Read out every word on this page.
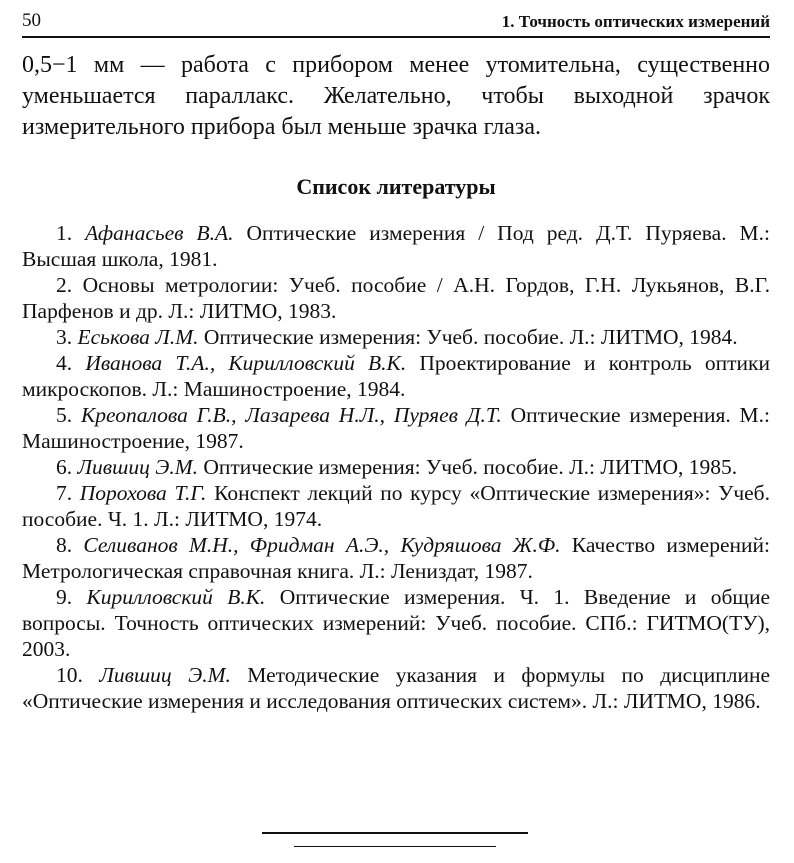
50	1. Точность оптических измерений

0,5−1 мм — работа с прибором менее утомительна, существенно уменьшается параллакс. Желательно, чтобы выходной зрачок измерительного прибора был меньше зрачка глаза.

Список литературы
1. Афанасьев В.А. Оптические измерения / Под ред. Д.Т. Пуряева. М.: Высшая школа, 1981.
2. Основы метрологии: Учеб. пособие / А.Н. Гордов, Г.Н. Лукьянов, В.Г. Парфенов и др. Л.: ЛИТМО, 1983.
3. Еськова Л.М. Оптические измерения: Учеб. пособие. Л.: ЛИТМО, 1984.
4. Иванова Т.А., Кирилловский В.К. Проектирование и контроль оптики микроскопов. Л.: Машиностроение, 1984.
5. Креопалова Г.В., Лазарева Н.Л., Пуряев Д.Т. Оптические измерения. М.: Машиностроение, 1987.
6. Лившиц Э.М. Оптические измерения: Учеб. пособие. Л.: ЛИТМО, 1985.
7. Порохова Т.Г. Конспект лекций по курсу «Оптические измерения»: Учеб. пособие. Ч. 1. Л.: ЛИТМО, 1974.
8. Селиванов М.Н., Фридман А.Э., Кудряшова Ж.Ф. Качество измерений: Метрологическая справочная книга. Л.: Лениздат, 1987.
9. Кирилловский В.К. Оптические измерения. Ч. 1. Введение и общие вопросы. Точность оптических измерений: Учеб. пособие. СПб.: ГИТМО(ТУ), 2003.
10. Лившиц Э.М. Методические указания и формулы по дисциплине «Оптические измерения и исследования оптических систем». Л.: ЛИТМО, 1986.
